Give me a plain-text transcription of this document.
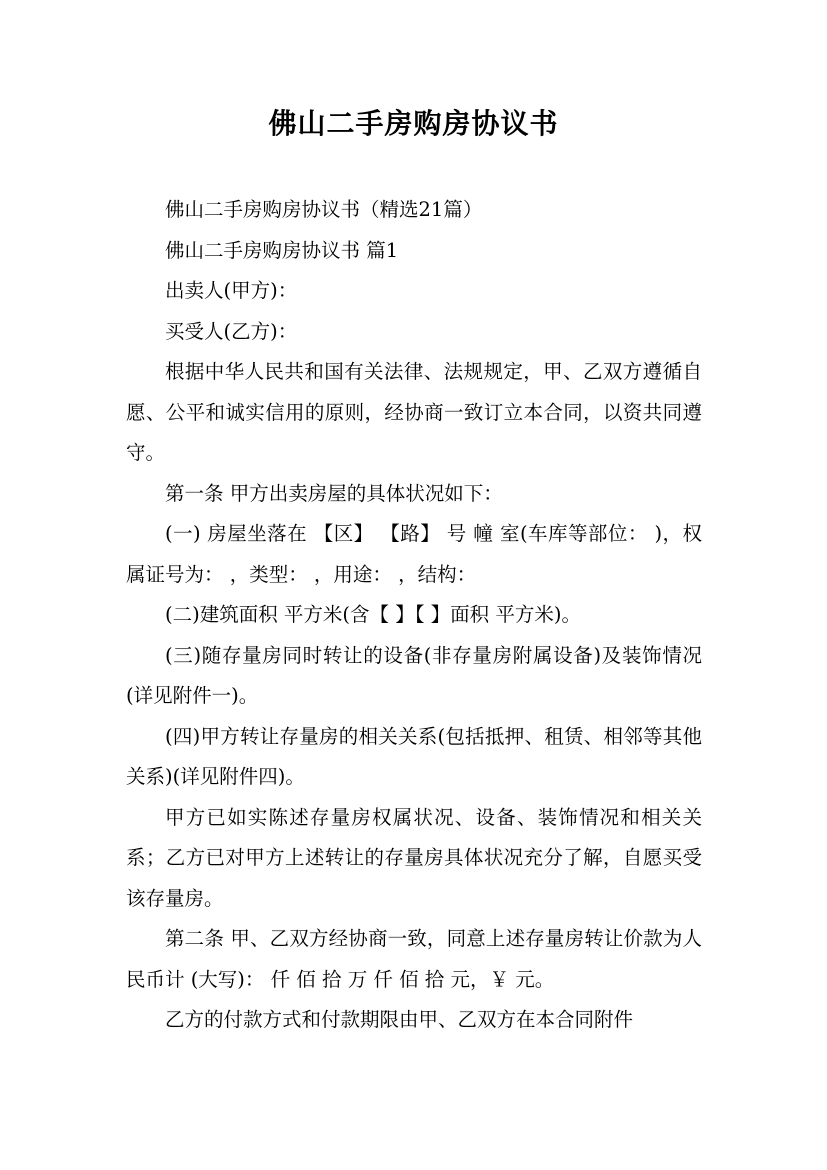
佛山二手房购房协议书

佛山二手房购房协议书（精选21篇）

佛山二手房购房协议书 篇1

出卖人(甲方)：

买受人(乙方)：

根据中华人民共和国有关法律、法规规定，甲、乙双方遵循自愿、公平和诚实信用的原则，经协商一致订立本合同，以资共同遵守。

第一条 甲方出卖房屋的具体状况如下：

(一) 房屋坐落在 【区】 【路】 号 幢 室(车库等部位： )，权属证号为： ，类型： ，用途： ，结构：

(二)建筑面积 平方米(含【 】【 】面积 平方米)。

(三)随存量房同时转让的设备(非存量房附属设备)及装饰情况(详见附件一)。

(四)甲方转让存量房的相关关系(包括抵押、租赁、相邻等其他关系)(详见附件四)。

甲方已如实陈述存量房权属状况、设备、装饰情况和相关关系；乙方已对甲方上述转让的存量房具体状况充分了解，自愿买受该存量房。

第二条 甲、乙双方经协商一致，同意上述存量房转让价款为人民币计 (大写)： 仟 佰 拾 万 仟 佰 拾 元，￥ 元。

乙方的付款方式和付款期限由甲、乙双方在本合同附件
